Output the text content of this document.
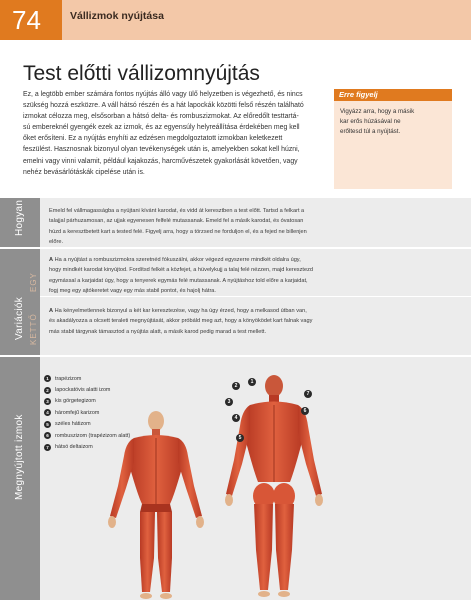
74	Vállizmok nyújtása
Test előtti vállizomnyújtás

Ez, a legtöbb ember számára fontos nyújtás álló vagy ülő helyzetben is végezhető, és nincs

szükség hozzá eszközre. A váll hátsó részén és a hát lapockák közötti felső részén található

izmokat célozza meg, elsősorban a hátsó delta- és rombuszizmokat. Az előredőlt testtartá-

sú embereknél gyengék ezek az izmok, és az egyensúly helyreállítása érdekében meg kell

őket erősíteni. Ez a nyújtás enyhíti az edzésen megdolgoztatott izmokban keletkezett

feszülést. Hasznosnak bizonyul olyan tevékenységek után is, amelyekben sokat kell húzni,

emelni vagy vinni valamit, például kajakozás, harcművészetek gyakorlását követően, vagy

nehéz bevásárlótáskák cipelése után is.

Erre figyelj
Vigyázz arra, hogy a másik
kar erős húzásával ne
erőltesd túl a nyújtást.
Hogyan
Variációk
EGY
KETTŐ
Megnyújtott izmok

Emeld fel vállmagasságba a nyújtani kívánt karodat, és vidd át keresztben a test előtt. Tartsd a felkart a

talajjal párhuzamosan, az ujjak egyenesen felfelé mutassanak. Emeld fel a másik karodat, és óvatosan

húzd a keresztbetett kart a tested felé. Figyelj arra, hogy a törzsed ne forduljon el, és a fejed ne billenjen

előre.

A Ha a nyújtást a rombuszizmokra szeretnéd fókuszálni, akkor végezd egyszerre mindkét oldalra úgy,

hogy mindkét karodat kinyújtod. Fordítsd felkét a közfejet, a hüvelykujj a talaj felé nézzen, majd keresztezd

egymással a karjaidat úgy, hogy a tenyerek egymás felé mutassanak. A nyújtáshoz told előre a karjaidat,

fogj meg egy ajtókeretet vagy egy más stabil pontot, és hajolj hátra.

A Ha kényelmetlennek bizonyul a két kar keresztezése, vagy ha úgy érzed, hogy a melkasod útban van,

és akadályozza a olcsett teraleti megnyújtását, akkor próbáld meg azt, hogy a könyöködet kart falnak vagy

más stabil tárgynak támasztod a nyújtás alatt, a másik karod pedig marad a test mellett.

1	trapézizom
2	lapockatövis alatti izom
3	kis görgetegizom
4	háromfejű karizom
5	széles hátizom
6	rombuszizom (trapézizom alatt)
7	hátsó deltaizom
1
2
3
4
5
6
7
